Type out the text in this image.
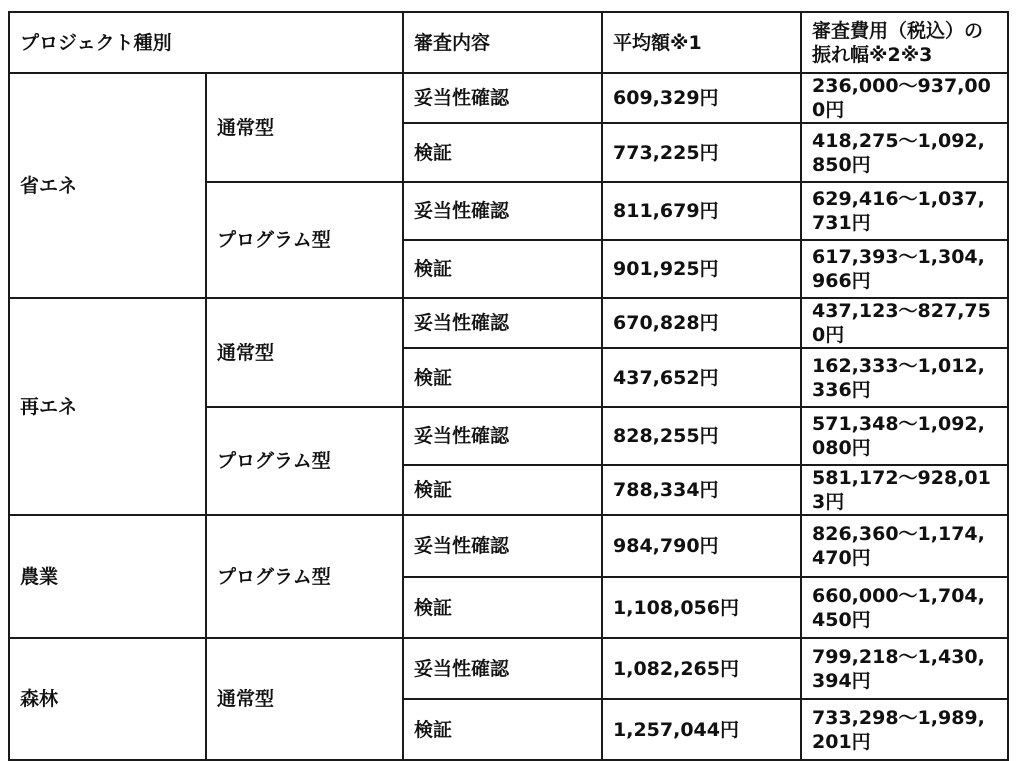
プロジェクト種別		審査内容	平均額※1	審査費用（税込）の振れ幅※2※3
省エネ	通常型	妥当性確認	609,329円	236,000〜937,000円
		検証	773,225円	418,275〜1,092,850円
	プログラム型	妥当性確認	811,679円	629,416〜1,037,731円
		検証	901,925円	617,393〜1,304,966円
再エネ	通常型	妥当性確認	670,828円	437,123〜827,750円
		検証	437,652円	162,333〜1,012,336円
	プログラム型	妥当性確認	828,255円	571,348〜1,092,080円
		検証	788,334円	581,172〜928,013円
農業	プログラム型	妥当性確認	984,790円	826,360〜1,174,470円
		検証	1,108,056円	660,000〜1,704,450円
森林	通常型	妥当性確認	1,082,265円	799,218〜1,430,394円
		検証	1,257,044円	733,298〜1,989,201円
